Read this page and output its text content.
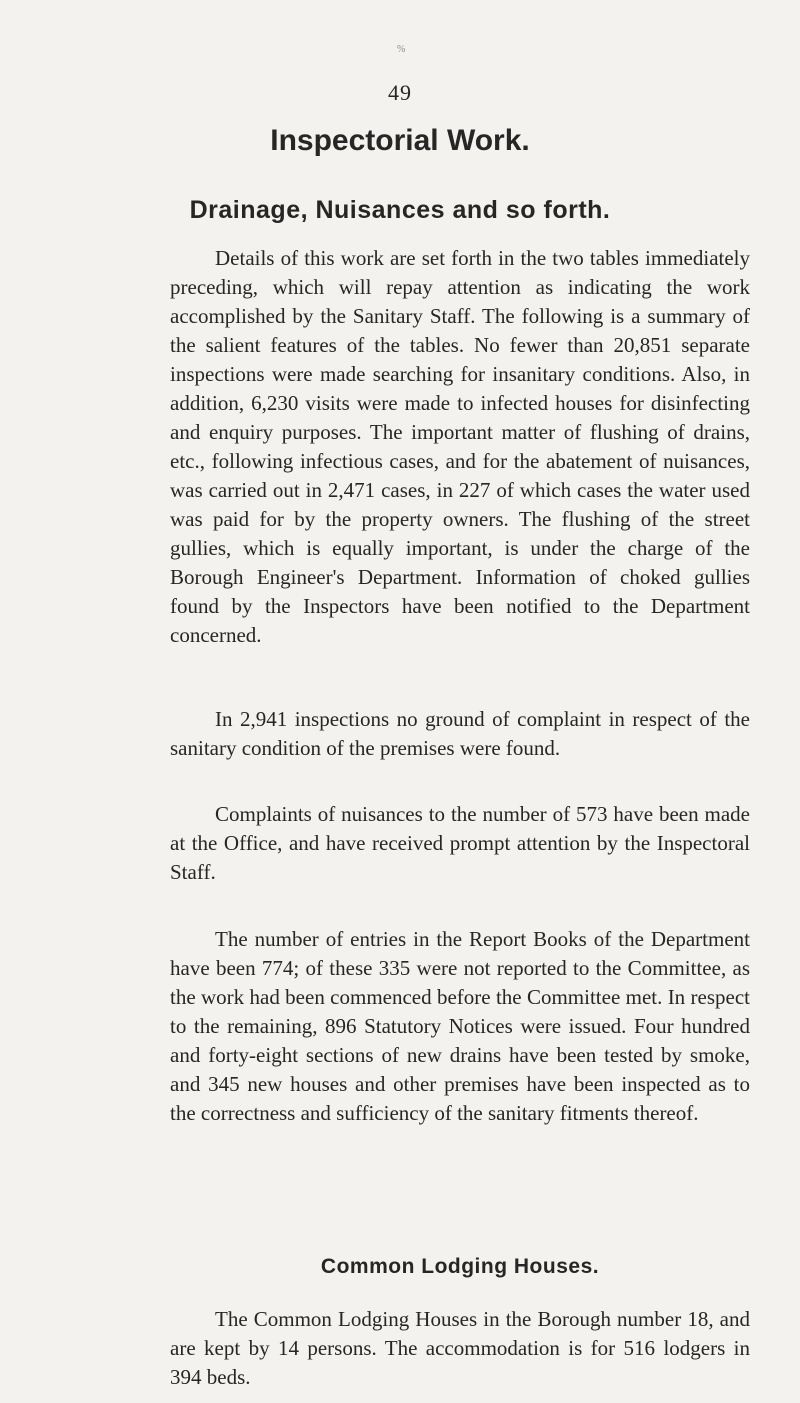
%
49
Inspectorial Work.
Drainage, Nuisances and so forth.

Details of this work are set forth in the two tables immediately preceding, which will repay attention as indicating the work accomplished by the Sanitary Staff. The following is a summary of the salient features of the tables. No fewer than 20,851 separate inspections were made searching for insanitary conditions. Also, in addition, 6,230 visits were made to infected houses for disinfecting and enquiry purposes. The important matter of flushing of drains, etc., following infectious cases, and for the abatement of nuisances, was carried out in 2,471 cases, in 227 of which cases the water used was paid for by the property owners. The flushing of the street gullies, which is equally important, is under the charge of the Borough Engineer's Department. Information of choked gullies found by the Inspectors have been notified to the Department concerned.

In 2,941 inspections no ground of complaint in respect of the sanitary condition of the premises were found.

Complaints of nuisances to the number of 573 have been made at the Office, and have received prompt attention by the Inspectoral Staff.

The number of entries in the Report Books of the Department have been 774; of these 335 were not reported to the Committee, as the work had been commenced before the Committee met. In respect to the remaining, 896 Statutory Notices were issued. Four hundred and forty-eight sections of new drains have been tested by smoke, and 345 new houses and other premises have been inspected as to the correctness and sufficiency of the sanitary fitments thereof.

Common Lodging Houses.

The Common Lodging Houses in the Borough number 18, and are kept by 14 persons. The accommodation is for 516 lodgers in 394 beds.
